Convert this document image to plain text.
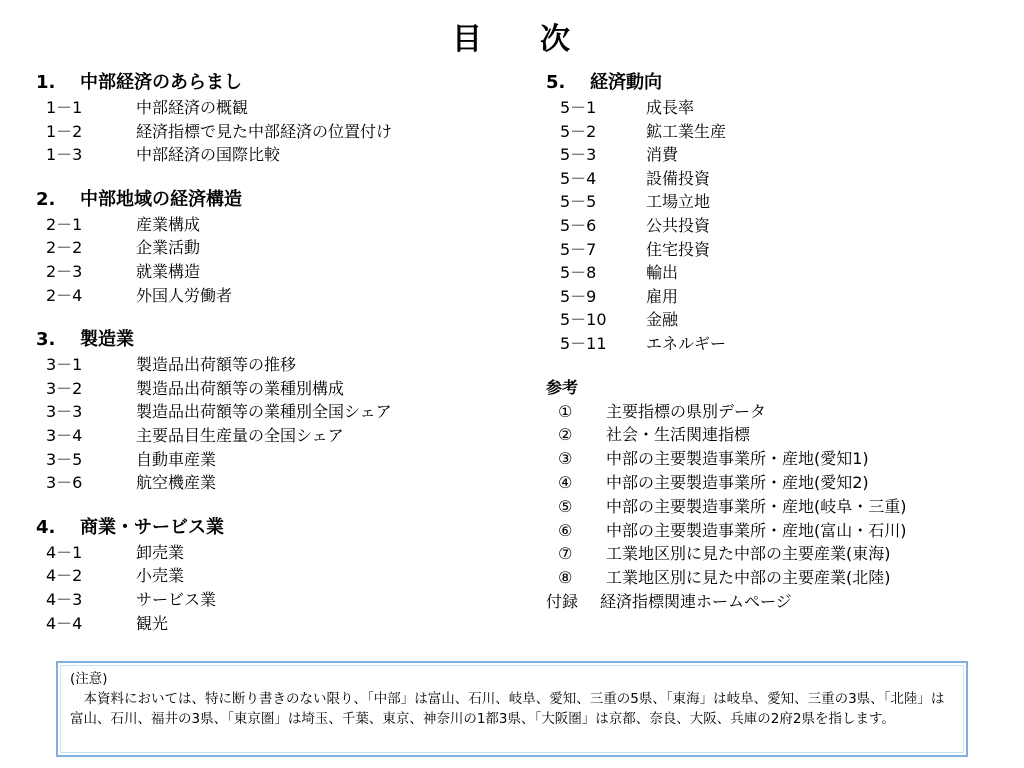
目 次
1.	中部経済のあらまし
1－1	中部経済の概観
1－2	経済指標で見た中部経済の位置付け
1－3	中部経済の国際比較
2.	中部地域の経済構造
2－1	産業構成
2－2	企業活動
2－3	就業構造
2－4	外国人労働者
3.	製造業
3－1	製造品出荷額等の推移
3－2	製造品出荷額等の業種別構成
3－3	製造品出荷額等の業種別全国シェア
3－4	主要品目生産量の全国シェア
3－5	自動車産業
3－6	航空機産業
4.	商業・サービス業
4－1	卸売業
4－2	小売業
4－3	サービス業
4－4	観光
5.	経済動向
5－1	成長率
5－2	鉱工業生産
5－3	消費
5－4	設備投資
5－5	工場立地
5－6	公共投資
5－7	住宅投資
5－8	輸出
5－9	雇用
5－10	金融
5－11	エネルギー
参考
①	主要指標の県別データ
②	社会・生活関連指標
③	中部の主要製造事業所・産地(愛知1)
④	中部の主要製造事業所・産地(愛知2)
⑤	中部の主要製造事業所・産地(岐阜・三重)
⑥	中部の主要製造事業所・産地(富山・石川)
⑦	工業地区別に見た中部の主要産業(東海)
⑧	工業地区別に見た中部の主要産業(北陸)
付録	経済指標関連ホームページ
(注意)
本資料においては、特に断り書きのない限り、「中部」は富山、石川、岐阜、愛知、三重の5県、「東海」は岐阜、愛知、三重の3県、「北陸」は富山、石川、福井の3県、「東京圏」は埼玉、千葉、東京、神奈川の1都3県、「大阪圏」は京都、奈良、大阪、兵庫の2府2県を指します。
